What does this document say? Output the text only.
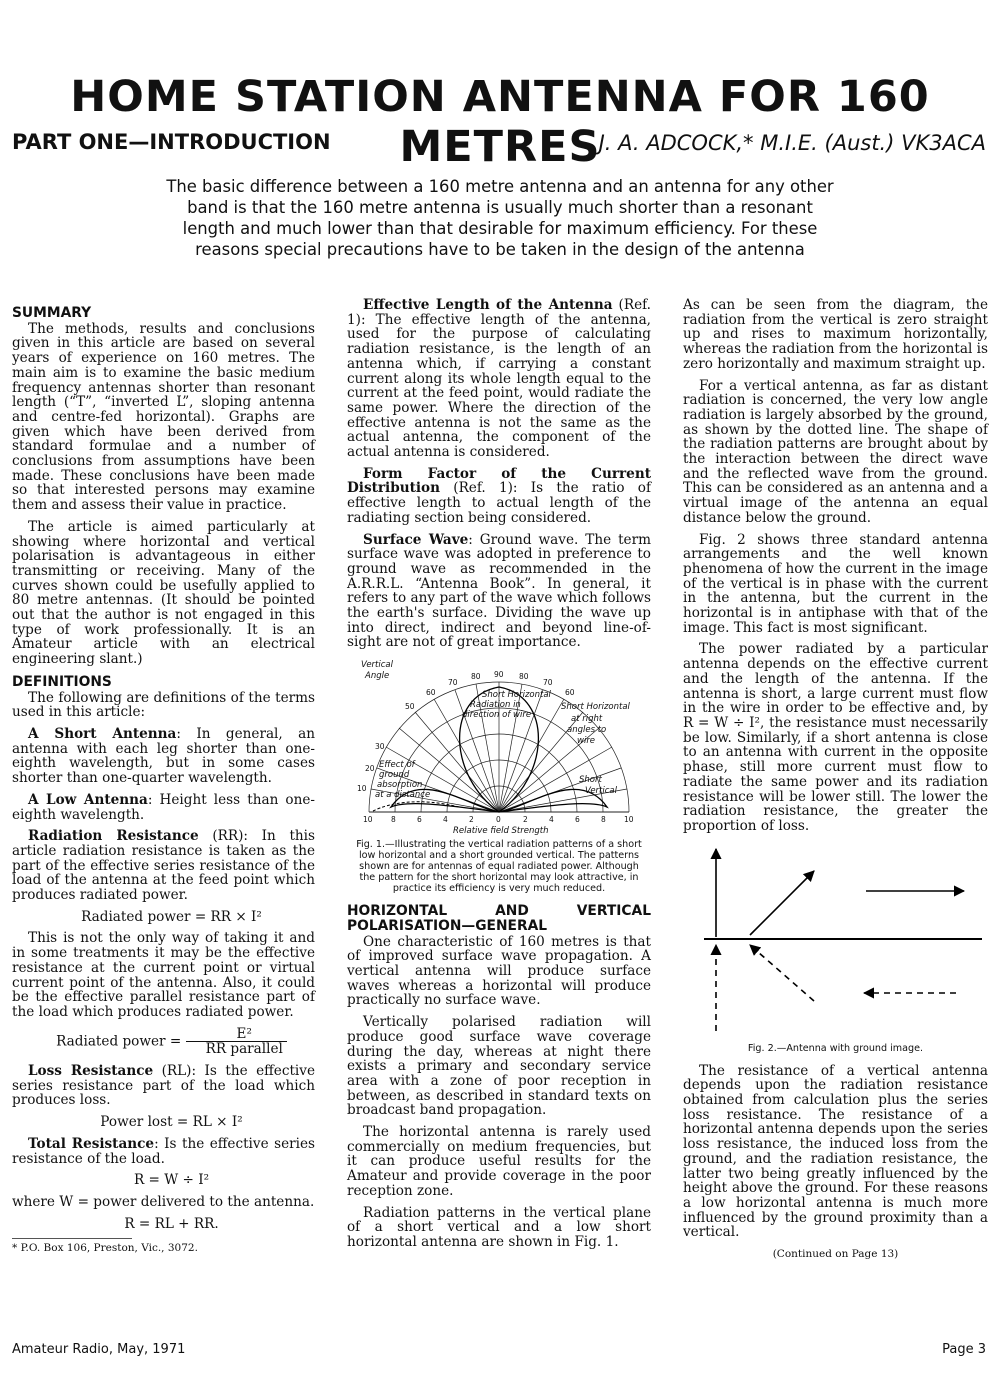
HOME STATION ANTENNA FOR 160 METRES
PART ONE—INTRODUCTION	J. A. ADCOCK,* M.I.E. (Aust.) VK3ACA
The basic difference between a 160 metre antenna and an antenna for any other band is that the 160 metre antenna is usually much shorter than a resonant length and much lower than that desirable for maximum efficiency. For these reasons special precautions have to be taken in the design of the antenna
SUMMARY

The methods, results and conclusions given in this article are based on several years of experience on 160 metres. The main aim is to examine the basic medium frequency antennas shorter than resonant length (“T”, “inverted L”, sloping antenna and centre-fed horizontal). Graphs are given which have been derived from standard formulae and a number of conclusions from assumptions have been made. These conclusions have been made so that interested persons may examine them and assess their value in practice.

The article is aimed particularly at showing where horizontal and vertical polarisation is advantageous in either transmitting or receiving. Many of the curves shown could be usefully applied to 80 metre antennas. (It should be pointed out that the author is not engaged in this type of work professionally. It is an Amateur article with an electrical engineering slant.)

DEFINITIONS

The following are definitions of the terms used in this article:

A Short Antenna: In general, an antenna with each leg shorter than one-eighth wavelength, but in some cases shorter than one-quarter wavelength.

A Low Antenna: Height less than one-eighth wavelength.

Radiation Resistance (RR): In this article radiation resistance is taken as the part of the effective series resistance of the load of the antenna at the feed point which produces radiated power.

Radiated power = RR × I²

This is not the only way of taking it and in some treatments it may be the effective resistance at the current point or virtual current point of the antenna. Also, it could be the effective parallel resistance part of the load which produces radiated power.

Radiated power = $\frac{\text{E²}}{\text{RR parallel}}$

Loss Resistance (RL): Is the effective series resistance part of the load which produces loss.

Power lost = RL × I²

Total Resistance: Is the effective series resistance of the load.

R = W ÷ I²

where W = power delivered to the antenna.

R = RL + RR.

* P.O. Box 106, Preston, Vic., 3072.

Effective Length of the Antenna (Ref. 1): The effective length of the antenna, used for the purpose of calculating radiation resistance, is the length of an antenna which, if carrying a constant current along its whole length equal to the current at the feed point, would radiate the same power. Where the direction of the effective antenna is not the same as the actual antenna, the component of the actual antenna is considered.

Form Factor of the Current Distribution (Ref. 1): Is the ratio of effective length to actual length of the radiating section being considered.

Surface Wave: Ground wave. The term surface wave was adopted in preference to ground wave as recommended in the A.R.R.L. “Antenna Book”. In general, it refers to any part of the wave which follows the earth's surface. Dividing the wave up into direct, indirect and beyond line-of-sight are not of great importance.

Vertical
Angle
Short Horizontal
Radiation in
direction of wire
Short Horizontal
at right
angles to
wire
Effect of
ground
absorption
at a distance
Short
Vertical
Relative field Strength
90
80	80
70	70
60	60
50
30
20
10
10 8	6	4	2	0	2	4	6	8 10
Fig. 1.—Illustrating the vertical radiation patterns of a short low horizontal and a short grounded vertical. The patterns shown are for antennas of equal radiated power. Although the pattern for the short horizontal may look attractive, in practice its efficiency is very much reduced.
HORIZONTAL AND VERTICAL POLARISATION—GENERAL

One characteristic of 160 metres is that of improved surface wave propagation. A vertical antenna will produce surface waves whereas a horizontal will produce practically no surface wave.

Vertically polarised radiation will produce good surface wave coverage during the day, whereas at night there exists a primary and secondary service area with a zone of poor reception in between, as described in standard texts on broadcast band propagation.

The horizontal antenna is rarely used commercially on medium frequencies, but it can produce useful results for the Amateur and provide coverage in the poor reception zone.

Radiation patterns in the vertical plane of a short vertical and a low short horizontal antenna are shown in Fig. 1.

As can be seen from the diagram, the radiation from the vertical is zero straight up and rises to maximum horizontally, whereas the radiation from the horizontal is zero horizontally and maximum straight up.

For a vertical antenna, as far as distant radiation is concerned, the very low angle radiation is largely absorbed by the ground, as shown by the dotted line. The shape of the radiation patterns are brought about by the interaction between the direct wave and the reflected wave from the ground. This can be considered as an antenna and a virtual image of the antenna an equal distance below the ground.

Fig. 2 shows three standard antenna arrangements and the well known phenomena of how the current in the image of the vertical is in phase with the current in the antenna, but the current in the horizontal is in antiphase with that of the image. This fact is most significant.

The power radiated by a particular antenna depends on the effective current and the length of the antenna. If the antenna is short, a large current must flow in the wire in order to be effective and, by R = W ÷ I², the resistance must necessarily be low. Similarly, if a short antenna is close to an antenna with current in the opposite phase, still more current must flow to radiate the same power and its radiation resistance will be lower still. The lower the radiation resistance, the greater the proportion of loss.

Fig. 2.—Antenna with ground image.

The resistance of a vertical antenna depends upon the radiation resistance obtained from calculation plus the series loss resistance. The resistance of a horizontal antenna depends upon the series loss resistance, the induced loss from the ground, and the radiation resistance, the latter two being greatly influenced by the height above the ground. For these reasons a low horizontal antenna is much more influenced by the ground proximity than a vertical.

(Continued on Page 13)
Amateur Radio, May, 1971	Page 3
